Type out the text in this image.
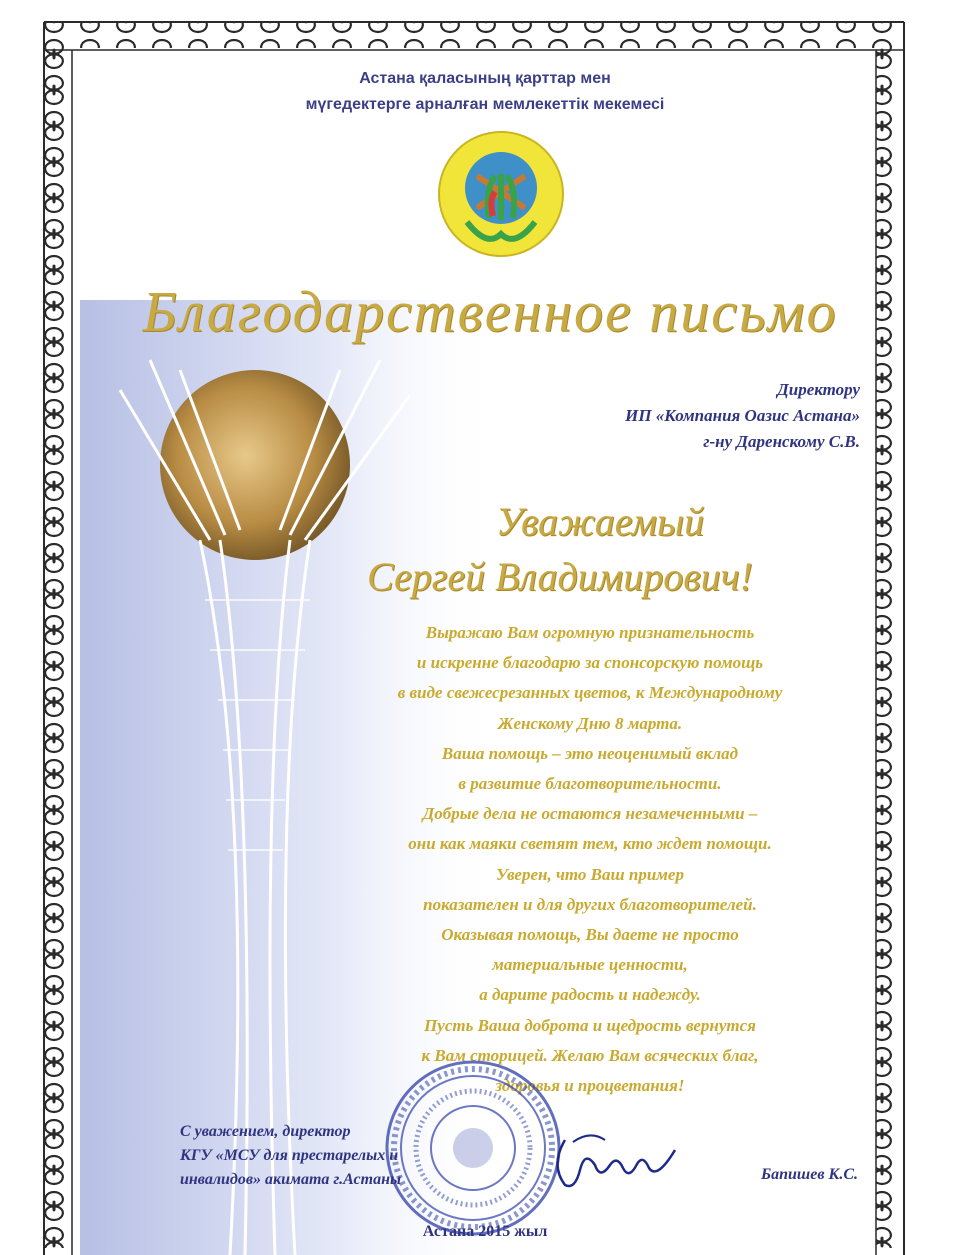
Астана қаласының қарттар мен
мүгедектерге арналған мемлекеттік мекемесі
Благодарственное письмо
Директору
ИП «Компания Оазис Астана»
г-ну Даренскому С.В.
Уважаемый
Сергей Владимирович!
Выражаю Вам огромную признательность
и искренне благодарю за спонсорскую помощь
в виде свежесрезанных цветов, к Международному
Женскому Дню 8 марта.
Ваша помощь – это неоценимый вклад
в развитие благотворительности.
Добрые дела не остаются незамеченными –
они как маяки светят тем, кто ждет помощи.
Уверен, что Ваш пример
показателен и для других благотворителей.
Оказывая помощь, Вы даете не просто
материальные ценности,
а дарите радость и надежду.
Пусть Ваша доброта и щедрость вернутся
к Вам сторицей. Желаю Вам всяческих благ,
здоровья и процветания!
С уважением, директор
КГУ «МСУ для престарелых и
инвалидов» акимата г.Астаны	Бапишев К.С.
Астана 2015 жыл
